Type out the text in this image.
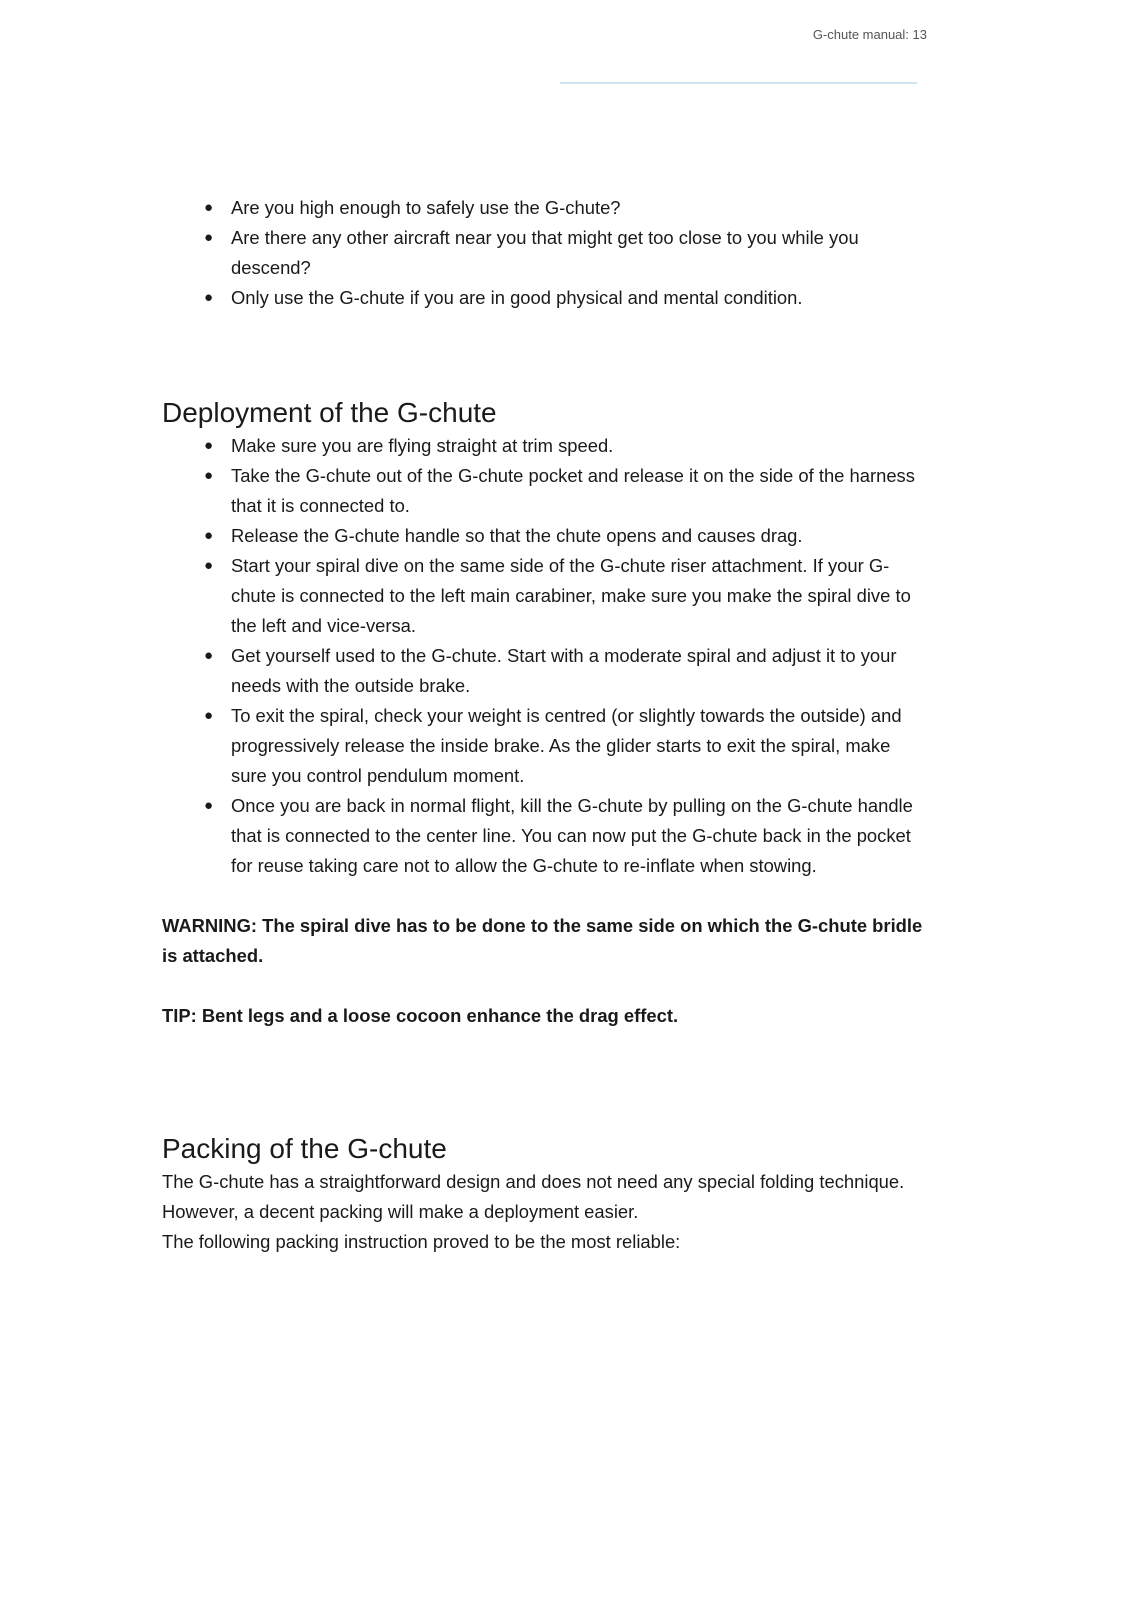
G-chute manual: 13
● Are you high enough to safely use the G-chute?
● Are there any other aircraft near you that might get too close to you while you descend?
● Only use the G-chute if you are in good physical and mental condition.
Deployment of the G-chute
● Make sure you are flying straight at trim speed.
● Take the G-chute out of the G-chute pocket and release it on the side of the harness that it is connected to.
● Release the G-chute handle so that the chute opens and causes drag.
● Start your spiral dive on the same side of the G-chute riser attachment. If your G-chute is connected to the left main carabiner, make sure you make the spiral dive to the left and vice-versa.
● Get yourself used to the G-chute. Start with a moderate spiral and adjust it to your needs with the outside brake.
● To exit the spiral, check your weight is centred (or slightly towards the outside) and progressively release the inside brake. As the glider starts to exit the spiral, make sure you control pendulum moment.
● Once you are back in normal flight, kill the G-chute by pulling on the G-chute handle that is connected to the center line. You can now put the G-chute back in the pocket for reuse taking care not to allow the G-chute to re-inflate when stowing.

WARNING: The spiral dive has to be done to the same side on which the G-chute bridle is attached.

TIP: Bent legs and a loose cocoon enhance the drag effect.

Packing of the G-chute

The G-chute has a straightforward design and does not need any special folding technique.

However, a decent packing will make a deployment easier.

The following packing instruction proved to be the most reliable:
